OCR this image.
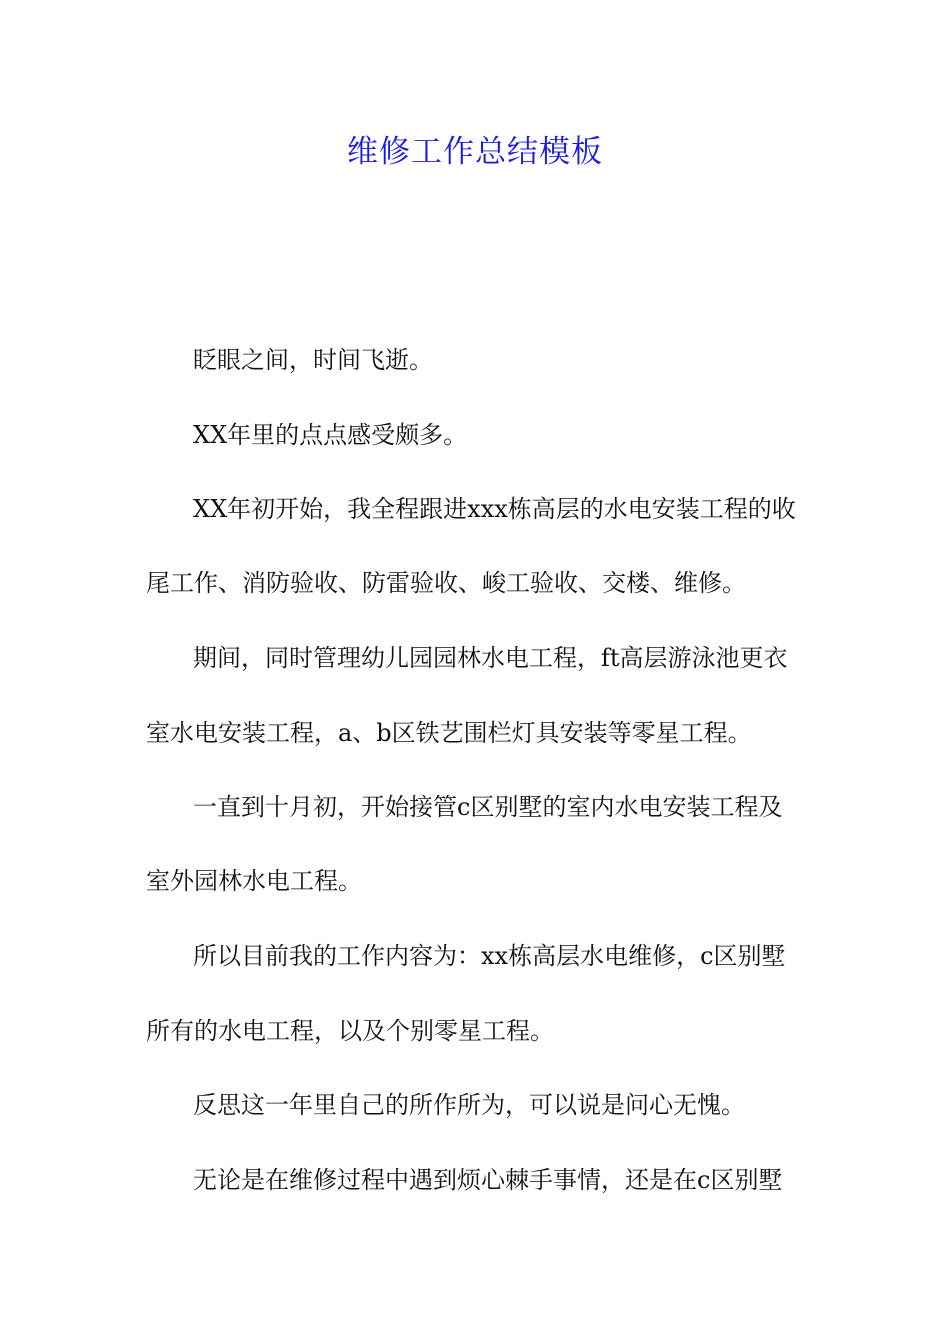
维修工作总结模板
眨眼之间，时间飞逝。
XX年里的点点感受颇多。
XX年初开始，我全程跟进xxx栋高层的水电安装工程的收
尾工作、消防验收、防雷验收、峻工验收、交楼、维修。
期间，同时管理幼儿园园林水电工程，ft高层游泳池更衣
室水电安装工程，a、b区铁艺围栏灯具安装等零星工程。
一直到十月初，开始接管c区别墅的室内水电安装工程及
室外园林水电工程。
所以目前我的工作内容为：xx栋高层水电维修，c区别墅
所有的水电工程，以及个别零星工程。
反思这一年里自己的所作所为，可以说是问心无愧。
无论是在维修过程中遇到烦心棘手事情，还是在c区别墅
